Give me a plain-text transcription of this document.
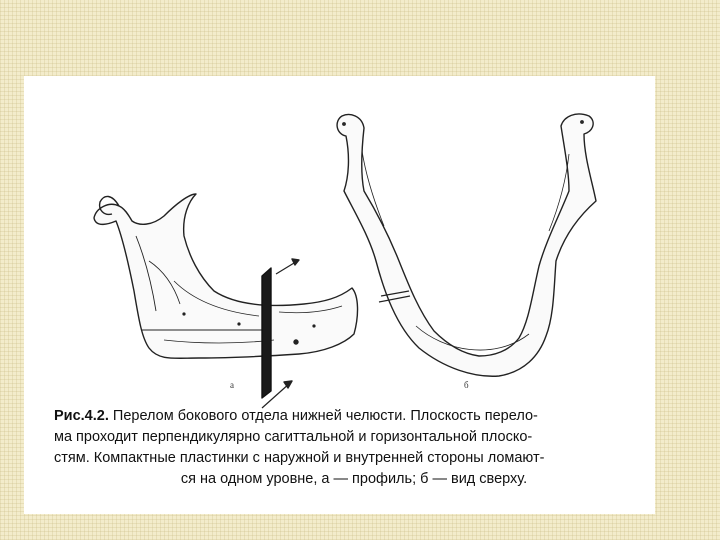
а	б
Рис.4.2. Перелом бокового отдела нижней челюсти. Плоскость перело-
ма проходит перпендикулярно сагиттальной и горизонтальной плоско-
стям. Компактные пластинки с наружной и внутренней стороны ломают-
ся на одном уровне, а — профиль; б — вид сверху.
